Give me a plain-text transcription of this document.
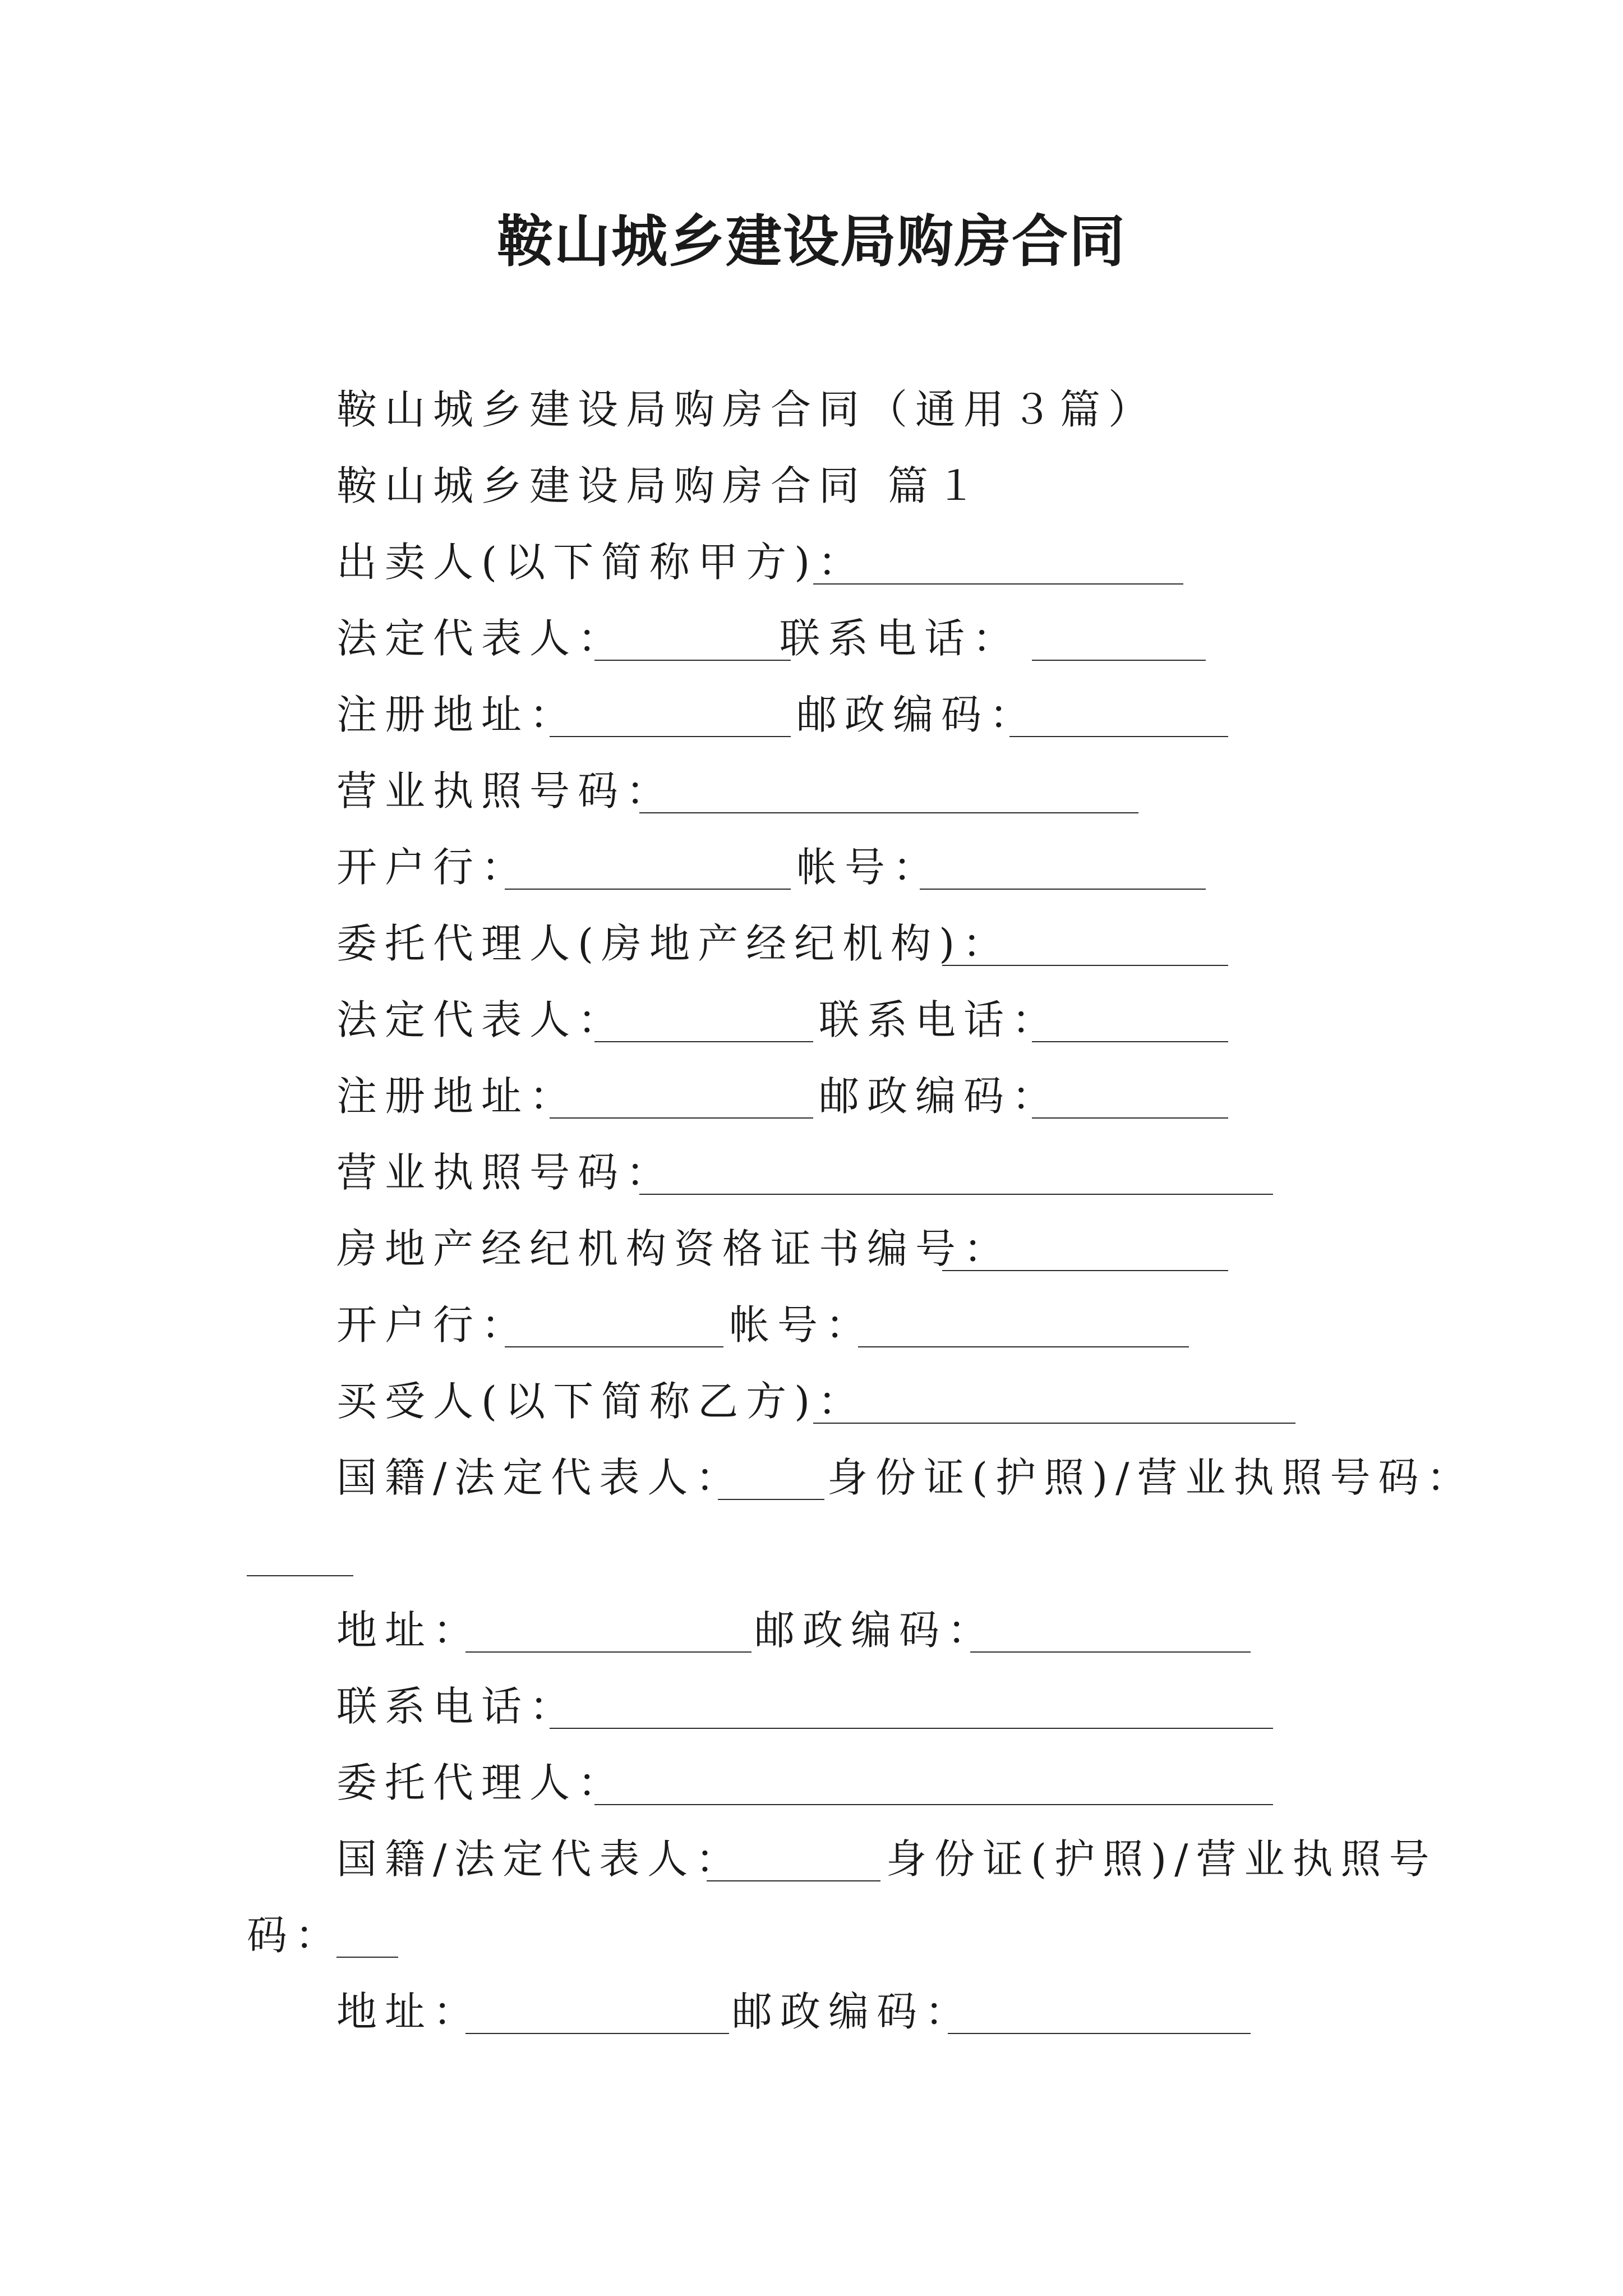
鞍山城乡建设局购房合同
鞍山城乡建设局购房合同（通用３篇）
鞍山城乡建设局购房合同 篇１
出卖人(以下简称甲方)：
法定代表人：	联系电话：
注册地址：	邮政编码：
营业执照号码：
开户行：	帐号：
委托代理人(房地产经纪机构)：
法定代表人：	联系电话：
注册地址：	邮政编码：
营业执照号码：
房地产经纪机构资格证书编号：
开户行：	帐号：
买受人(以下简称乙方)：
国籍/法定代表人： 身份证(护照)/营业执照号码：
地址：	邮政编码：
联系电话：
委托代理人：
国籍/法定代表人：	身份证(护照)/营业执照号
码：
地址：	邮政编码：
